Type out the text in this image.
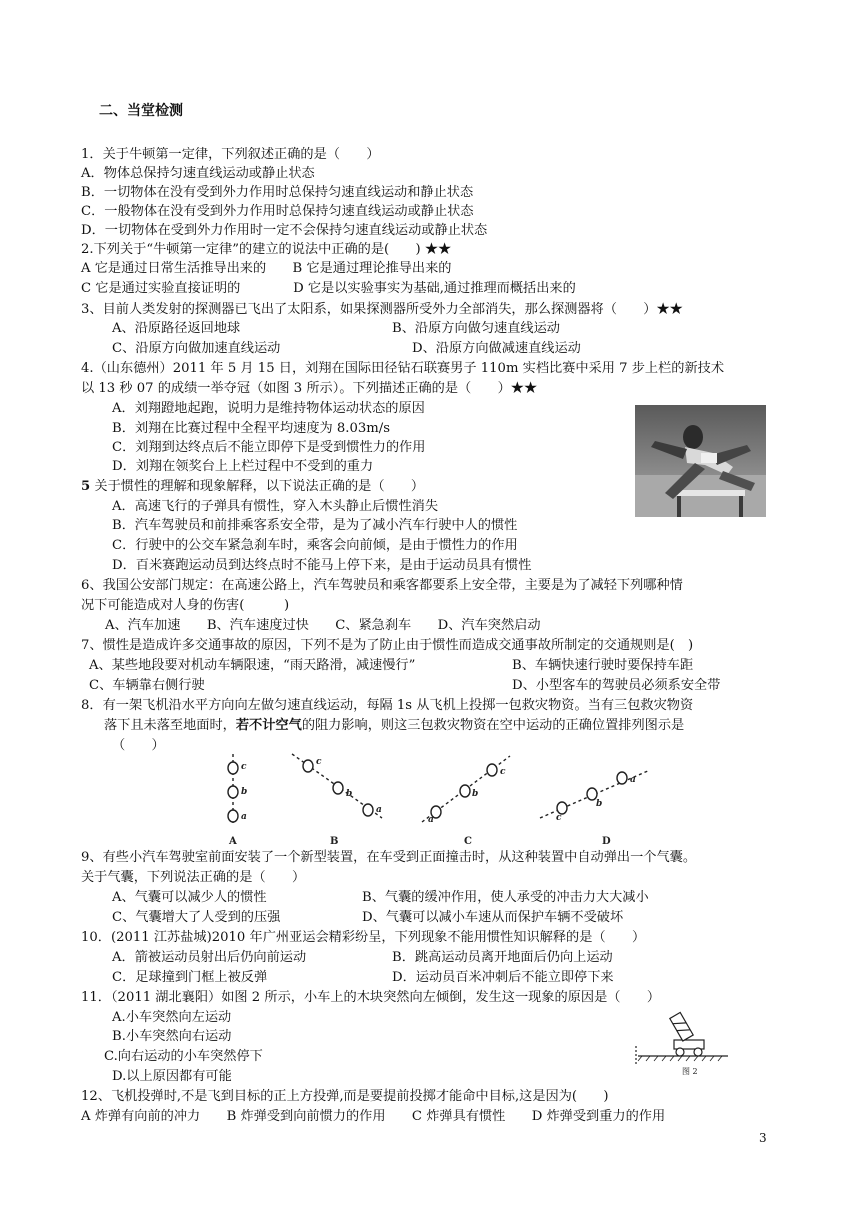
二、当堂检测
1．关于牛顿第一定律，下列叙述正确的是（　　）
A．物体总保持匀速直线运动或静止状态
B．一切物体在没有受到外力作用时总保持匀速直线运动和静止状态
C．一般物体在没有受到外力作用时总保持匀速直线运动或静止状态
D．一切物体在受到外力作用时一定不会保持匀速直线运动或静止状态
2.下列关于“牛顿第一定律”的建立的说法中正确的是(　　) ★★
A 它是通过日常生活推导出来的　　B 它是通过理论推导出来的
C 它是通过实验直接证明的　　　　D 它是以实验事实为基础,通过推理而概括出来的
3、目前人类发射的探测器已飞出了太阳系，如果探测器所受外力全部消失，那么探测器将（　　）★★
A、沿原路径返回地球	B、沿原方向做匀速直线运动
C、沿原方向做加速直线运动	D、沿原方向做减速直线运动
4.（山东德州）2011 年 5 月 15 日，刘翔在国际田径钻石联赛男子 110m 实档比赛中采用 7 步上栏的新技术
以 13 秒 07 的成绩一举夺冠（如图 3 所示）。下列描述正确的是（　　）★★
A．刘翔蹬地起跑，说明力是维持物体运动状态的原因
B．刘翔在比赛过程中全程平均速度为 8.03m/s
C．刘翔到达终点后不能立即停下是受到惯性力的作用
D．刘翔在领奖台上上栏过程中不受到的重力
5 关于惯性的理解和现象解释，以下说法正确的是（　　）
A．高速飞行的子弹具有惯性，穿入木头静止后惯性消失
B．汽车驾驶员和前排乘客系安全带，是为了减小汽车行驶中人的惯性
C．行驶中的公交车紧急刹车时，乘客会向前倾，是由于惯性力的作用
D．百米赛跑运动员到达终点时不能马上停下来，是由于运动员具有惯性
6、我国公安部门规定：在高速公路上，汽车驾驶员和乘客都要系上安全带，主要是为了减轻下列哪种情
况下可能造成对人身的伤害(　　　)
A、汽车加速　　B、汽车速度过快　　C、紧急刹车　　D、汽车突然启动
7、惯性是造成许多交通事故的原因，下列不是为了防止由于惯性而造成交通事故所制定的交通规则是(　)
A、某些地段要对机动车辆限速，“雨天路滑，减速慢行”	B、车辆快速行驶时要保持车距
C、车辆靠右侧行驶	D、小型客车的驾驶员必须系安全带
8．有一架飞机沿水平方向向左做匀速直线运动，每隔 1s 从飞机上投掷一包救灾物资。当有三包救灾物资
落下且未落至地面时，若不计空气的阻力影响，则这三包救灾物资在空中运动的正确位置排列图示是
（　　）
c
b
a
c
b
a
a
b
c
c
b
a
A	B	C	D
9、有些小汽车驾驶室前面安装了一个新型装置，在车受到正面撞击时，从这种装置中自动弹出一个气囊。
关于气囊，下列说法正确的是（　　）
A、气囊可以减少人的惯性	B、气囊的缓冲作用，使人承受的冲击力大大减小
C、气囊增大了人受到的压强	D、气囊可以减小车速从而保护车辆不受破坏
10．(2011 江苏盐城)2010 年广州亚运会精彩纷呈，下列现象不能用惯性知识解释的是（　　）
A．箭被运动员射出后仍向前运动	B．跳高运动员离开地面后仍向上运动
C．足球撞到门框上被反弹	D．运动员百米冲刺后不能立即停下来
11．（2011 湖北襄阳）如图 2 所示，小车上的木块突然向左倾倒，发生这一现象的原因是（　　）
A.小车突然向左运动
B.小车突然向右运动
C.向右运动的小车突然停下
D.以上原因都有可能	图 2
12、飞机投弹时,不是飞到目标的正上方投弹,而是要提前投掷才能命中目标,这是因为(　　)
A 炸弹有向前的冲力　　B 炸弹受到向前惯力的作用　　C 炸弹具有惯性　　D 炸弹受到重力的作用
3
